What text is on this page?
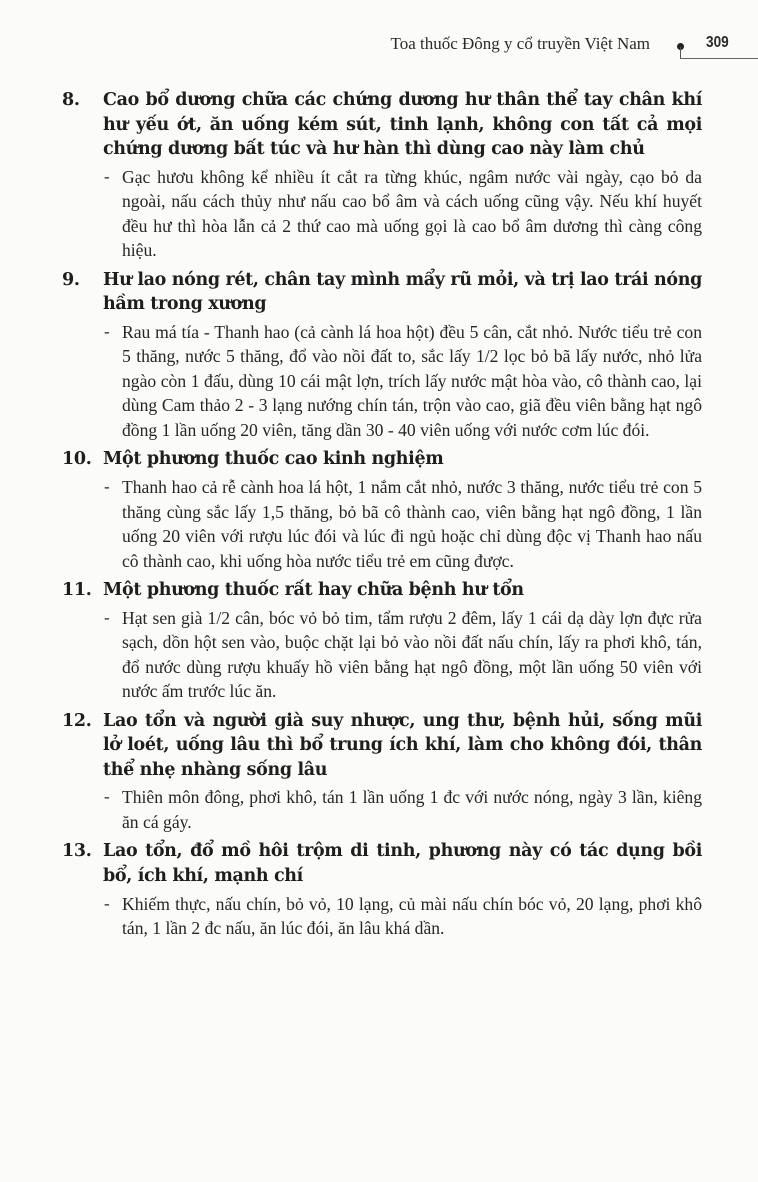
Toa thuốc Đông y cổ truyền Việt Nam	309
8. Cao bổ dương chữa các chứng dương hư thân thể tay chân khí hư yếu ớt, ăn uống kém sút, tinh lạnh, không con tất cả mọi chứng dương bất túc và hư hàn thì dùng cao này làm chủ
- Gạc hươu không kể nhiều ít cắt ra từng khúc, ngâm nước vài ngày, cạo bỏ da ngoài, nấu cách thủy như nấu cao bổ âm và cách uống cũng vậy. Nếu khí huyết đều hư thì hòa lẫn cả 2 thứ cao mà uống gọi là cao bổ âm dương thì càng công hiệu.
9. Hư lao nóng rét, chân tay mình mẩy rũ mỏi, và trị lao trái nóng hầm trong xương
- Rau má tía - Thanh hao (cả cành lá hoa hột) đều 5 cân, cắt nhỏ. Nước tiểu trẻ con 5 thăng, nước 5 thăng, đổ vào nồi đất to, sắc lấy 1/2 lọc bỏ bã lấy nước, nhỏ lửa ngào còn 1 đấu, dùng 10 cái mật lợn, trích lấy nước mật hòa vào, cô thành cao, lại dùng Cam thảo 2 - 3 lạng nướng chín tán, trộn vào cao, giã đều viên bằng hạt ngô đồng 1 lần uống 20 viên, tăng dần 30 - 40 viên uống với nước cơm lúc đói.
10. Một phương thuốc cao kinh nghiệm
- Thanh hao cả rễ cành hoa lá hột, 1 nắm cắt nhỏ, nước 3 thăng, nước tiểu trẻ con 5 thăng cùng sắc lấy 1,5 thăng, bỏ bã cô thành cao, viên bằng hạt ngô đồng, 1 lần uống 20 viên với rượu lúc đói và lúc đi ngủ hoặc chỉ dùng độc vị Thanh hao nấu cô thành cao, khi uống hòa nước tiểu trẻ em cũng được.
11. Một phương thuốc rất hay chữa bệnh hư tổn
- Hạt sen già 1/2 cân, bóc vỏ bỏ tim, tẩm rượu 2 đêm, lấy 1 cái dạ dày lợn đực rửa sạch, dồn hột sen vào, buộc chặt lại bỏ vào nồi đất nấu chín, lấy ra phơi khô, tán, đổ nước dùng rượu khuấy hồ viên bằng hạt ngô đồng, một lần uống 50 viên với nước ấm trước lúc ăn.
12. Lao tổn và người già suy nhược, ung thư, bệnh hủi, sống mũi lở loét, uống lâu thì bổ trung ích khí, làm cho không đói, thân thể nhẹ nhàng sống lâu
- Thiên môn đông, phơi khô, tán 1 lần uống 1 đc với nước nóng, ngày 3 lần, kiêng ăn cá gáy.
13. Lao tổn, đổ mồ hôi trộm di tinh, phương này có tác dụng bồi bổ, ích khí, mạnh chí
- Khiếm thực, nấu chín, bỏ vỏ, 10 lạng, củ mài nấu chín bóc vỏ, 20 lạng, phơi khô tán, 1 lần 2 đc nấu, ăn lúc đói, ăn lâu khá dần.
